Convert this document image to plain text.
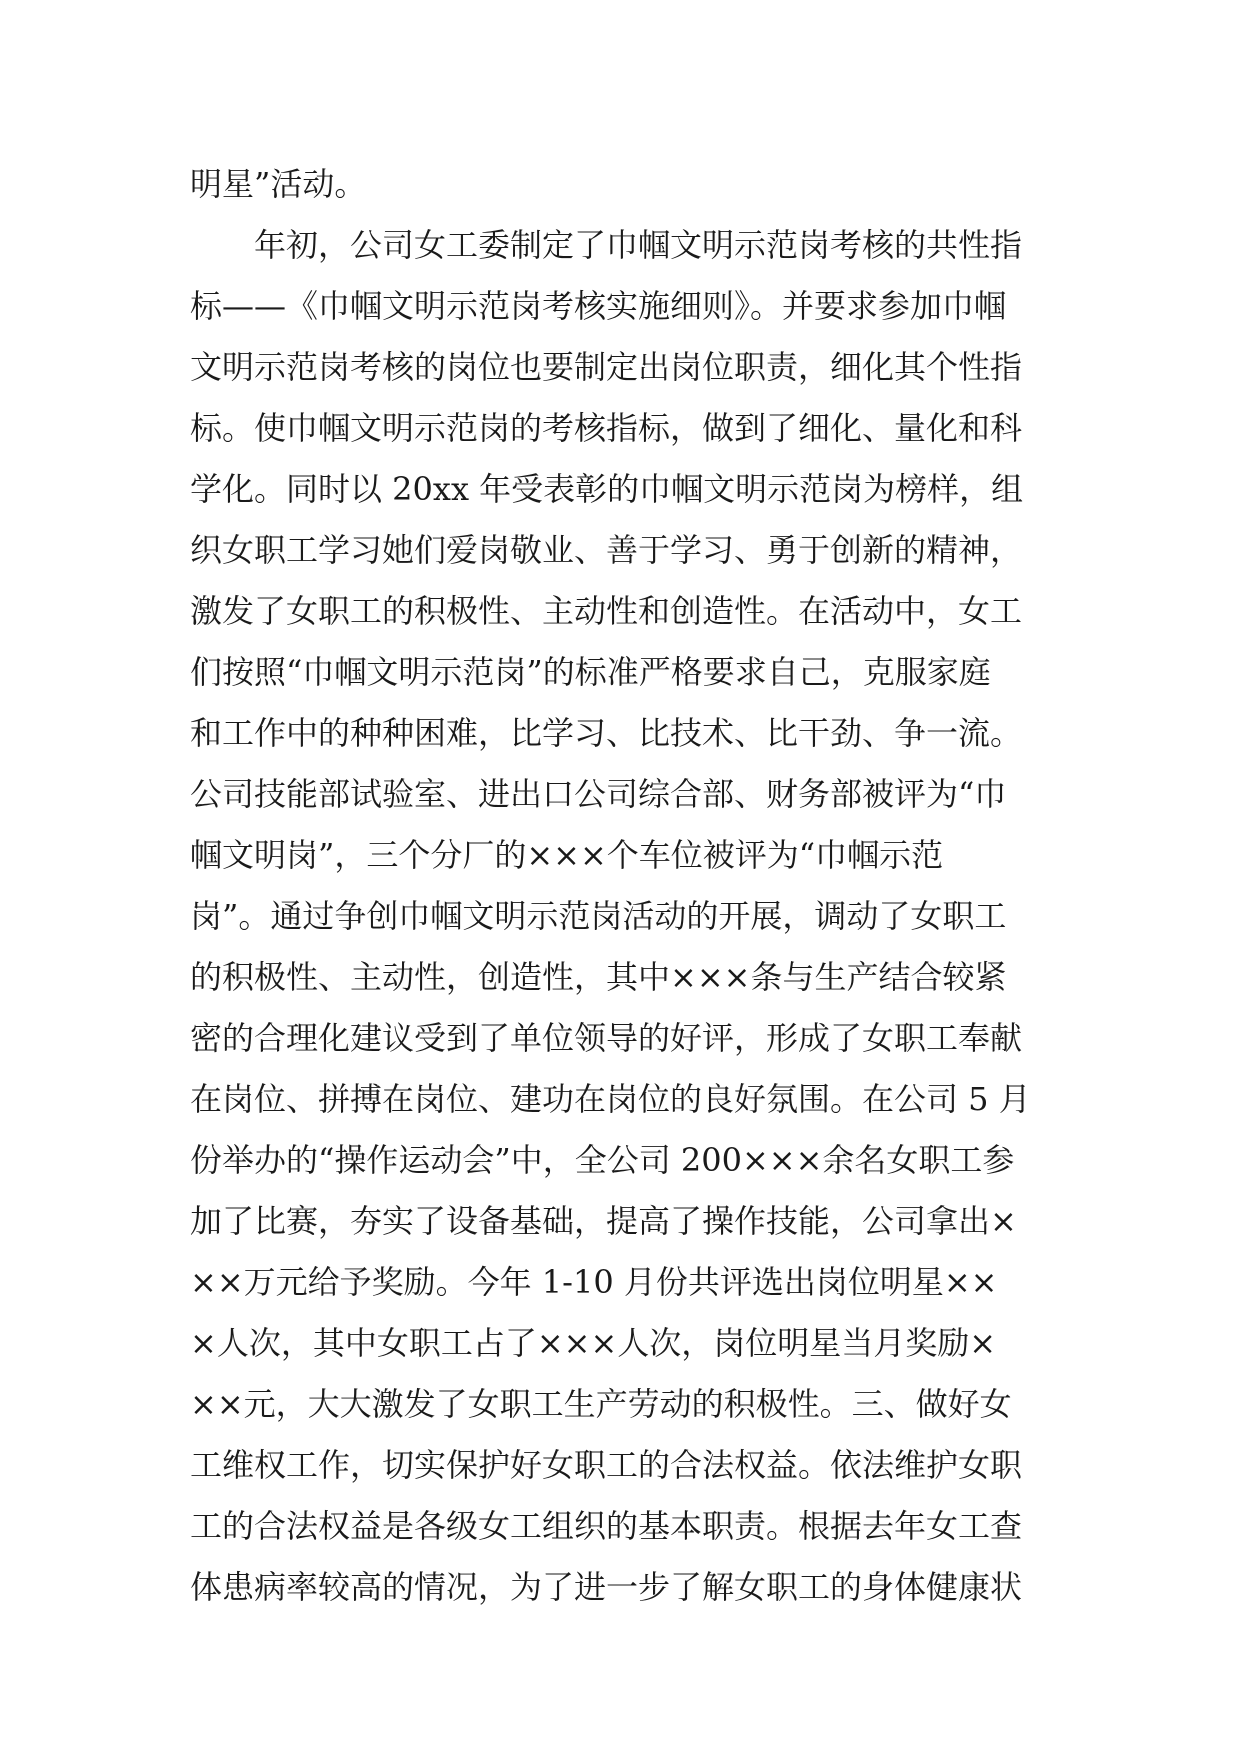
明星”活动。
年初，公司女工委制定了巾帼文明示范岗考核的共性指
标——《巾帼文明示范岗考核实施细则》。并要求参加巾帼
文明示范岗考核的岗位也要制定出岗位职责，细化其个性指
标。使巾帼文明示范岗的考核指标，做到了细化、量化和科
学化。同时以 20xx 年受表彰的巾帼文明示范岗为榜样，组
织女职工学习她们爱岗敬业、善于学习、勇于创新的精神，
激发了女职工的积极性、主动性和创造性。在活动中，女工
们按照“巾帼文明示范岗”的标准严格要求自己，克服家庭
和工作中的种种困难，比学习、比技术、比干劲、争一流。
公司技能部试验室、进出口公司综合部、财务部被评为“巾
帼文明岗”，三个分厂的×××个车位被评为“巾帼示范
岗”。通过争创巾帼文明示范岗活动的开展，调动了女职工
的积极性、主动性，创造性，其中×××条与生产结合较紧
密的合理化建议受到了单位领导的好评，形成了女职工奉献
在岗位、拼搏在岗位、建功在岗位的良好氛围。在公司 5 月
份举办的“操作运动会”中，全公司 200×××余名女职工参
加了比赛，夯实了设备基础，提高了操作技能，公司拿出×
××万元给予奖励。今年 1-10 月份共评选出岗位明星××
×人次，其中女职工占了×××人次，岗位明星当月奖励×
××元，大大激发了女职工生产劳动的积极性。三、做好女
工维权工作，切实保护好女职工的合法权益。依法维护女职
工的合法权益是各级女工组织的基本职责。根据去年女工查
体患病率较高的情况，为了进一步了解女职工的身体健康状
